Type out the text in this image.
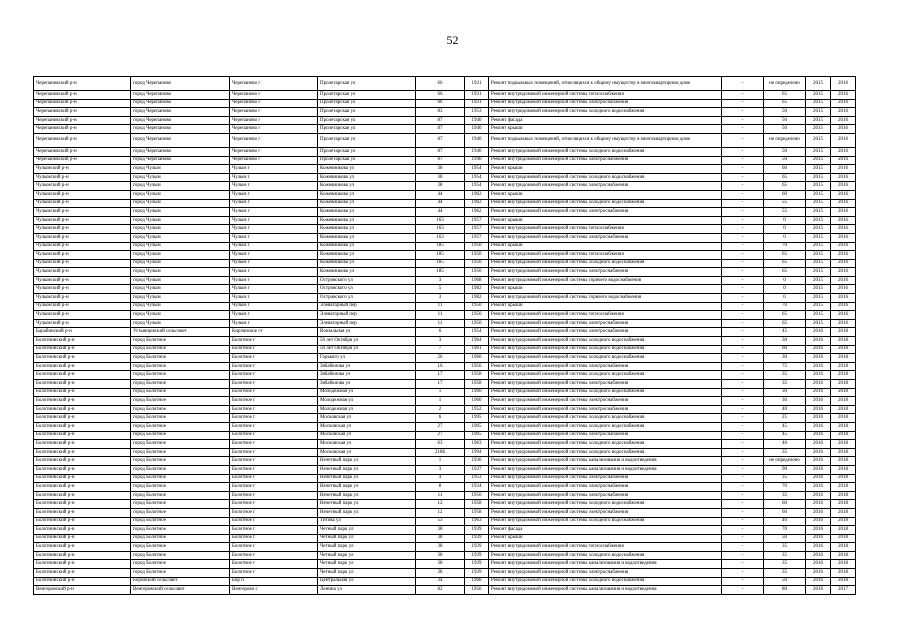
52
Черепановский р-н	город Черепаново	Черепаново г	Пролетарская ул	66	1931	Ремонт подвальных помещений, относящихся к общему имуществу в многоквартирном доме	-	не определено	2015	2016
Черепановский р-н	город Черепаново	Черепаново г	Пролетарская ул	66	1931	Ремонт внутридомовой инженерной системы теплоснабжения	-	65	2015	2016
Черепановский р-н	город Черепаново	Черепаново г	Пролетарская ул	66	1931	Ремонт внутридомовой инженерной системы электроснабжения	-	65	2015	2016
Черепановский р-н	город Черепаново	Черепаново г	Пролетарская ул	83	1953	Ремонт внутридомовой инженерной системы холодного водоснабжения	-	50	2015	2016
Черепановский р-н	город Черепаново	Черепаново г	Пролетарская ул	87	1940	Ремонт фасада	-	50	2015	2016
Черепановский р-н	город Черепаново	Черепаново г	Пролетарская ул	87	1940	Ремонт крыши	-	50	2015	2016
Черепановский р-н	город Черепаново	Черепаново г	Пролетарская ул	87	1940	Ремонт подвальных помещений, относящихся к общему имуществу в многоквартирном доме	-	не определено	2015	2016
Черепановский р-н	город Черепаново	Черепаново г	Пролетарская ул	87	1940	Ремонт внутридомовой инженерной системы холодного водоснабжения	-	50	2015	2016
Черепановский р-н	город Черепаново	Черепаново г	Пролетарская ул	87	1940	Ремонт внутридомовой инженерной системы электроснабжения	-	50	2015	2016
Чулымский р-н	город Чулым	Чулым г	Кожевникова ул	38	1954	Ремонт крыши	-	60	2015	2016
Чулымский р-н	город Чулым	Чулым г	Кожевникова ул	38	1954	Ремонт внутридомовой инженерной системы холодного водоснабжения	-	65	2015	2016
Чулымский р-н	город Чулым	Чулым г	Кожевникова ул	38	1954	Ремонт внутридомовой инженерной системы электроснабжения	-	65	2015	2016
Чулымский р-н	город Чулым	Чулым г	Кожевникова ул	44	1962	Ремонт крыши	-	60	2015	2016
Чулымский р-н	город Чулым	Чулым г	Кожевникова ул	44	1962	Ремонт внутридомовой инженерной системы холодного водоснабжения	-	55	2015	2016
Чулымский р-н	город Чулым	Чулым г	Кожевникова ул	44	1962	Ремонт внутридомовой инженерной системы электроснабжения	-	55	2015	2016
Чулымский р-н	город Чулым	Чулым г	Кожевникова ул	163	1957	Ремонт крыши	-	0	2015	2016
Чулымский р-н	город Чулым	Чулым г	Кожевникова ул	163	1957	Ремонт внутридомовой инженерной системы теплоснабжения	-	0	2015	2016
Чулымский р-н	город Чулым	Чулым г	Кожевникова ул	163	1957	Ремонт внутридомовой инженерной системы электроснабжения	-	0	2015	2016
Чулымский р-н	город Чулым	Чулым г	Кожевникова ул	185	1950	Ремонт крыши	-	70	2015	2016
Чулымский р-н	город Чулым	Чулым г	Кожевникова ул	185	1950	Ремонт внутридомовой инженерной системы теплоснабжения	-	65	2015	2016
Чулымский р-н	город Чулым	Чулым г	Кожевникова ул	185	1950	Ремонт внутридомовой инженерной системы холодного водоснабжения	-	65	2015	2016
Чулымский р-н	город Чулым	Чулым г	Кожевникова ул	185	1950	Ремонт внутридомовой инженерной системы электроснабжения	-	65	2015	2016
Чулымский р-н	город Чулым	Чулым г	Островского ул	3	1968	Ремонт внутридомовой инженерной системы горячего водоснабжения	-	0	2015	2016
Чулымский р-н	город Чулым	Чулым г	Островского ул	5	1982	Ремонт крыши	-	0	2015	2016
Чулымский р-н	город Чулым	Чулым г	Островского ул	3	1982	Ремонт внутридомовой инженерной системы горячего водоснабжения	-	0	2015	2016
Чулымский р-н	город Чулым	Чулым г	Элеваторный пер	11	1950	Ремонт крыши	-	70	2015	2016
Чулымский р-н	город Чулым	Чулым г	Элеваторный пер	11	1950	Ремонт внутридомовой инженерной системы теплоснабжения	-	65	2015	2016
Чулымский р-н	город Чулым	Чулым г	Элеваторный пер	11	1950	Ремонт внутридомовой инженерной системы электроснабжения	-	65	2015	2016
Барабинский р-н	Устьянцевский сельсовет	Кирзинское ст	Вокзальная ул	6	1954	Ремонт внутридомовой инженерной системы электроснабжения	-	45	2016	2018
Болотнинский р-н	город Болотное	Болотное г	50 лет Октября ул	3	1964	Ремонт внутридомовой инженерной системы холодного водоснабжения	-	30	2016	2018
Болотнинский р-н	город Болотное	Болотное г	50 лет Октября ул	7	1961	Ремонт внутридомовой инженерной системы холодного водоснабжения	-	60	2016	2018
Болотнинский р-н	город Болотное	Болотное г	Горького ул	26	1960	Ремонт внутридомовой инженерной системы холодного водоснабжения	-	30	2016	2018
Болотнинский р-н	город Болотное	Болотное г	Зябабкнова ул	16	1956	Ремонт внутридомовой инженерной системы электроснабжения	-	75	2016	2018
Болотнинский р-н	город Болотное	Болотное г	Зябабкнова ул	17	1958	Ремонт внутридомовой инженерной системы холодного водоснабжения	-	35	2016	2018
Болотнинский р-н	город Болотное	Болотное г	Зябабкнова ул	17	1958	Ремонт внутридомовой инженерной системы электроснабжения	-	35	2016	2018
Болотнинский р-н	город Болотное	Болотное г	Молодежная ул	1	1960	Ремонт внутридомовой инженерной системы холодного водоснабжения	-	30	2016	2018
Болотнинский р-н	город Болотное	Болотное г	Молодежная ул	1	1960	Ремонт внутридомовой инженерной системы электроснабжения	-	30	2016	2018
Болотнинский р-н	город Болотное	Болотное г	Молодежная ул	2	1952	Ремонт внутридомовой инженерной системы электроснабжения	-	40	2016	2018
Болотнинский р-н	город Болотное	Болотное г	Московская ул	6	1995	Ремонт внутридомовой инженерной системы холодного водоснабжения	-	25	2016	2018
Болотнинский р-н	город Болотное	Болотное г	Московская ул	27	1965	Ремонт внутридомовой инженерной системы холодного водоснабжения	-	45	2016	2018
Болотнинский р-н	город Болотное	Болотное г	Московская ул	27	1965	Ремонт внутридомовой инженерной системы электроснабжения	-	45	2016	2018
Болотнинский р-н	город Болотное	Болотное г	Московская ул	63	1963	Ремонт внутридомовой инженерной системы холодного водоснабжения	-	40	2016	2018
Болотнинский р-н	город Болотное	Болотное г	Московская ул	2186	1994	Ремонт внутридомовой инженерной системы холодного водоснабжения	-	35	2016	2018
Болотнинский р-н	город Болотное	Болотное г	Нечетный парк ул	1	1936	Ремонт внутридомовой инженерной системы канализования и водоотведения	-	не определено	2016	2018
Болотнинский р-н	город Болотное	Болотное г	Нечетный парк ул	3	1937	Ремонт внутридомовой инженерной системы канализования и водоотведения	-	90	2016	2018
Болотнинский р-н	город Болотное	Болотное г	Нечетный парк ул	4	1953	Ремонт внутридомовой инженерной системы электроснабжения	-	35	2016	2018
Болотнинский р-н	город Болотное	Болотное г	Нечетный парк ул	8	1934	Ремонт внутридомовой инженерной системы электроснабжения	-	70	2016	2018
Болотнинский р-н	город Болотное	Болотное г	Нечетный парк ул	11	1956	Ремонт внутридомовой инженерной системы электроснабжения	-	35	2016	2018
Болотнинский р-н	город Болотное	Болотное г	Нечетный парк ул	12	1958	Ремонт внутридомовой инженерной системы холодного водоснабжения	-	60	2016	2018
Болотнинский р-н	город Болотное	Болотное г	Нечетный парк ул	12	1958	Ремонт внутридомовой инженерной системы электроснабжения	-	60	2016	2018
Болотнинский р-н	город Болотное	Болотное г	Титова ул	53	1963	Ремонт внутридомовой инженерной системы холодного водоснабжения	-	40	2016	2018
Болотнинский р-н	город Болотное	Болотное г	Четный парк ул	38	1939	Ремонт фасада	-	70	2016	2018
Болотнинский р-н	город Болотное	Болотное г	Четный парк ул	38	1939	Ремонт крыши	-	50	2016	2018
Болотнинский р-н	город Болотное	Болотное г	Четный парк ул	38	1939	Ремонт внутридомовой инженерной системы теплоснабжения	-	35	2016	2018
Болотнинский р-н	город Болотное	Болотное г	Четный парк ул	38	1939	Ремонт внутридомовой инженерной системы холодного водоснабжения	-	35	2016	2018
Болотнинский р-н	город Болотное	Болотное г	Четный парк ул	38	1939	Ремонт внутридомовой инженерной системы канализования и водоотведения	-	35	2016	2018
Болотнинский р-н	город Болотное	Болотное г	Четный парк ул	38	1939	Ремонт внутридомовой инженерной системы электроснабжения	-	35	2016	2018
Болотнинский р-н	Боровский сельсовет	Бор п	Центральная ул	34	1968	Ремонт внутридомовой инженерной системы холодного водоснабжения	-	50	2016	2018
Венгеровский р-н	Венгеровский сельсовет	Венгерово с	Ленина ул	82	1956	Ремонт внутридомовой инженерной системы канализования и водоотведения	-	80	2016	2017
